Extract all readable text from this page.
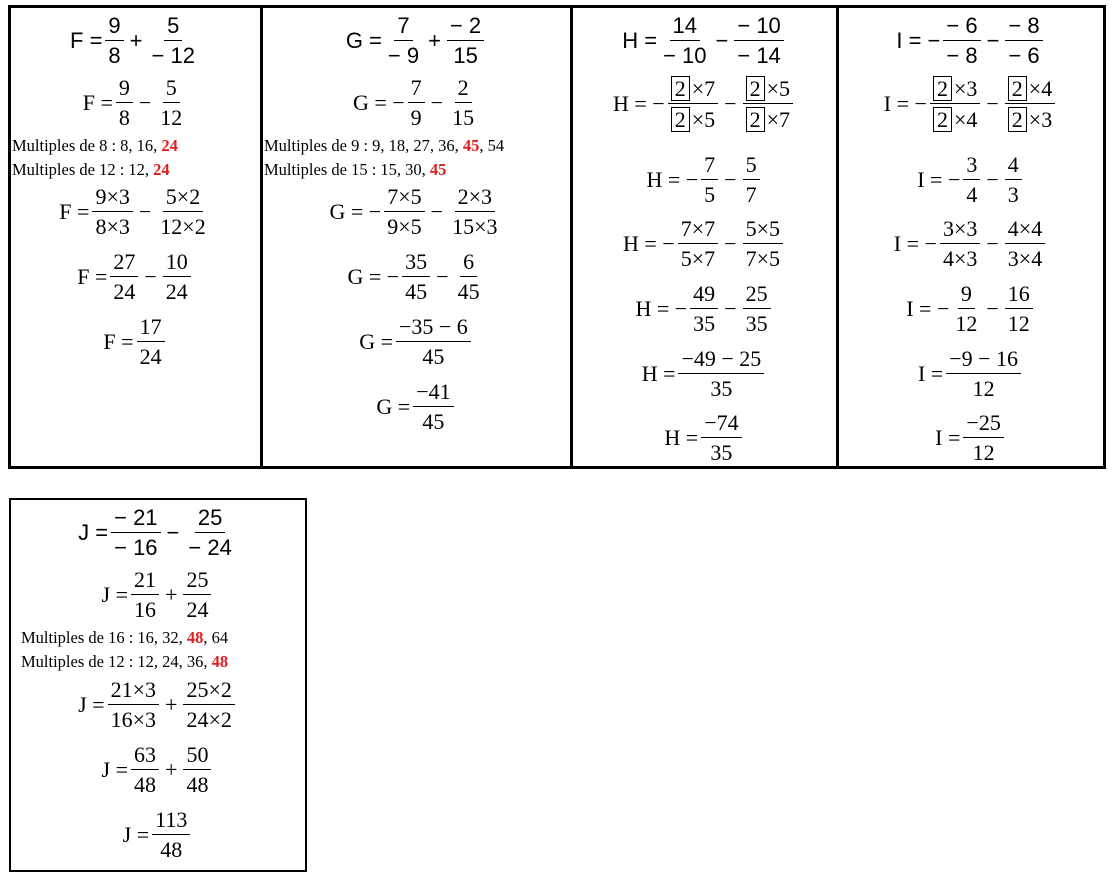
$F = \frac{9}{8} + \frac{5}{- 12}$
$F = \frac{9}{8} - \frac{5}{12}$
Multiples de 8 : 8, 16, 24
Multiples de 12 : 12, 24
$F = \frac{9\times 3}{8\times 3} - \frac{5\times 2}{12\times 2}$
$F = \frac{27}{24} - \frac{10}{24}$
$F = \frac{17}{24}$
$G = \frac{7}{- 9} + \frac{- 2}{15}$
G = − $\frac{7}{9} - \frac{2}{15}$
Multiples de 9 : 9, 18, 27, 36, 45, 54
Multiples de 15 : 15, 30, 45
G = − $\frac{7\times 5}{9\times 5} - \frac{2\times 3}{15\times 3}$
G = − $\frac{35}{45} - \frac{6}{45}$
$G = \frac{-35 - 6}{45}$
$G = \frac{-41}{45}$
$H = \frac{14}{- 10} - \frac{- 10}{- 14}$
H = − $\frac{2 \times 7}{2 \times 5} - \frac{2 \times 5}{2 \times 7}$
H = − $\frac{7}{5} - \frac{5}{7}$
H = − $\frac{7\times 7}{5\times 7} - \frac{5\times 5}{7\times 5}$
H = − $\frac{49}{35} - \frac{25}{35}$
$H = \frac{-49 - 25}{35}$
$H = \frac{-74}{35}$
I = − $\frac{- 6}{- 8} - \frac{- 8}{- 6}$
I = − $\frac{2 \times 3}{2 \times 4} - \frac{2 \times 4}{2 \times 3}$
I = − $\frac{3}{4} - \frac{4}{3}$
I = − $\frac{3\times 3}{4\times 3} - \frac{4\times 4}{3\times 4}$
I = − $\frac{9}{12} - \frac{16}{12}$
$I = \frac{-9 - 16}{12}$
$I = \frac{-25}{12}$
$J = \frac{- 21}{- 16} - \frac{25}{- 24}$
$J = \frac{21}{16} + \frac{25}{24}$
Multiples de 16 : 16, 32, 48, 64
Multiples de 12 : 12, 24, 36, 48
$J = \frac{21\times 3}{16\times 3} + \frac{25\times 2}{24\times 2}$
$J = \frac{63}{48} + \frac{50}{48}$
$J = \frac{113}{48}$
